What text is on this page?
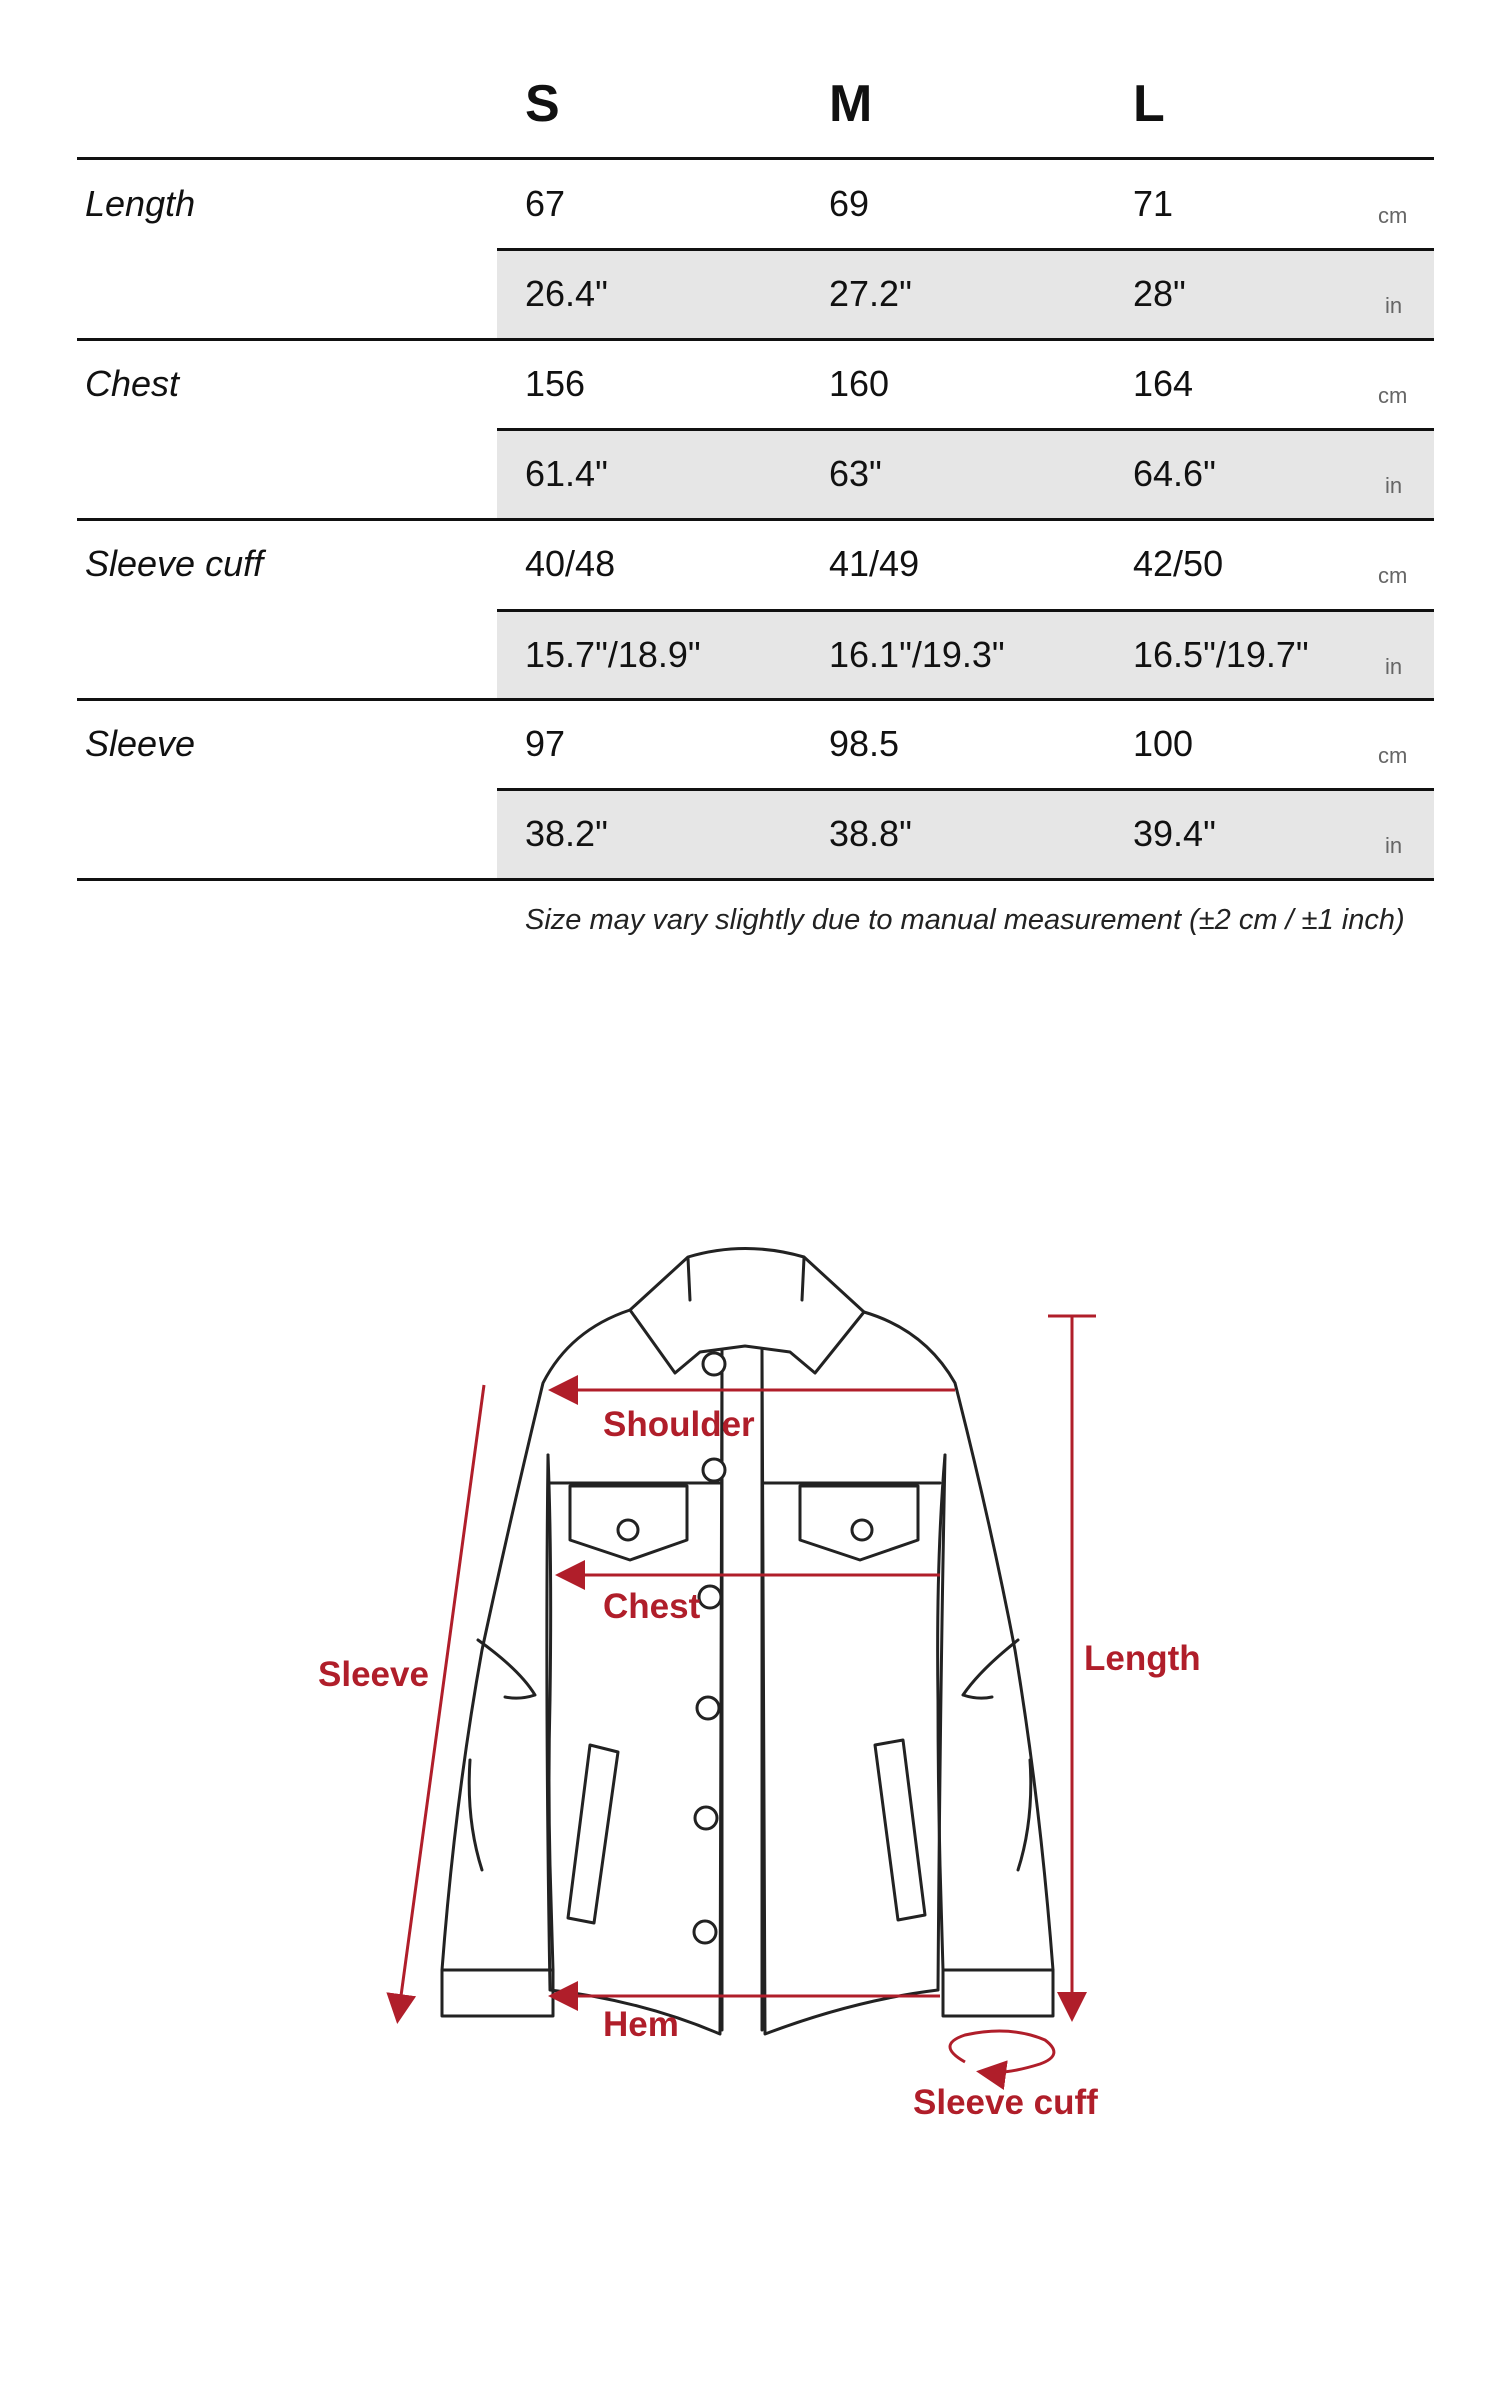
S	M	L
Length	67	69	71	cm
26.4"	27.2"	28"	in
Chest	156	160	164	cm
61.4"	63"	64.6"	in
Sleeve cuff	40/48	41/49	42/50	cm
15.7"/18.9"	16.1"/19.3"	16.5"/19.7"	in
Sleeve	97	98.5	100	cm
38.2"	38.8"	39.4"	in
Size may vary slightly due to manual measurement (±2 cm / ±1 inch)
Shoulder
Chest
Hem
Sleeve	Length
Sleeve cuff
